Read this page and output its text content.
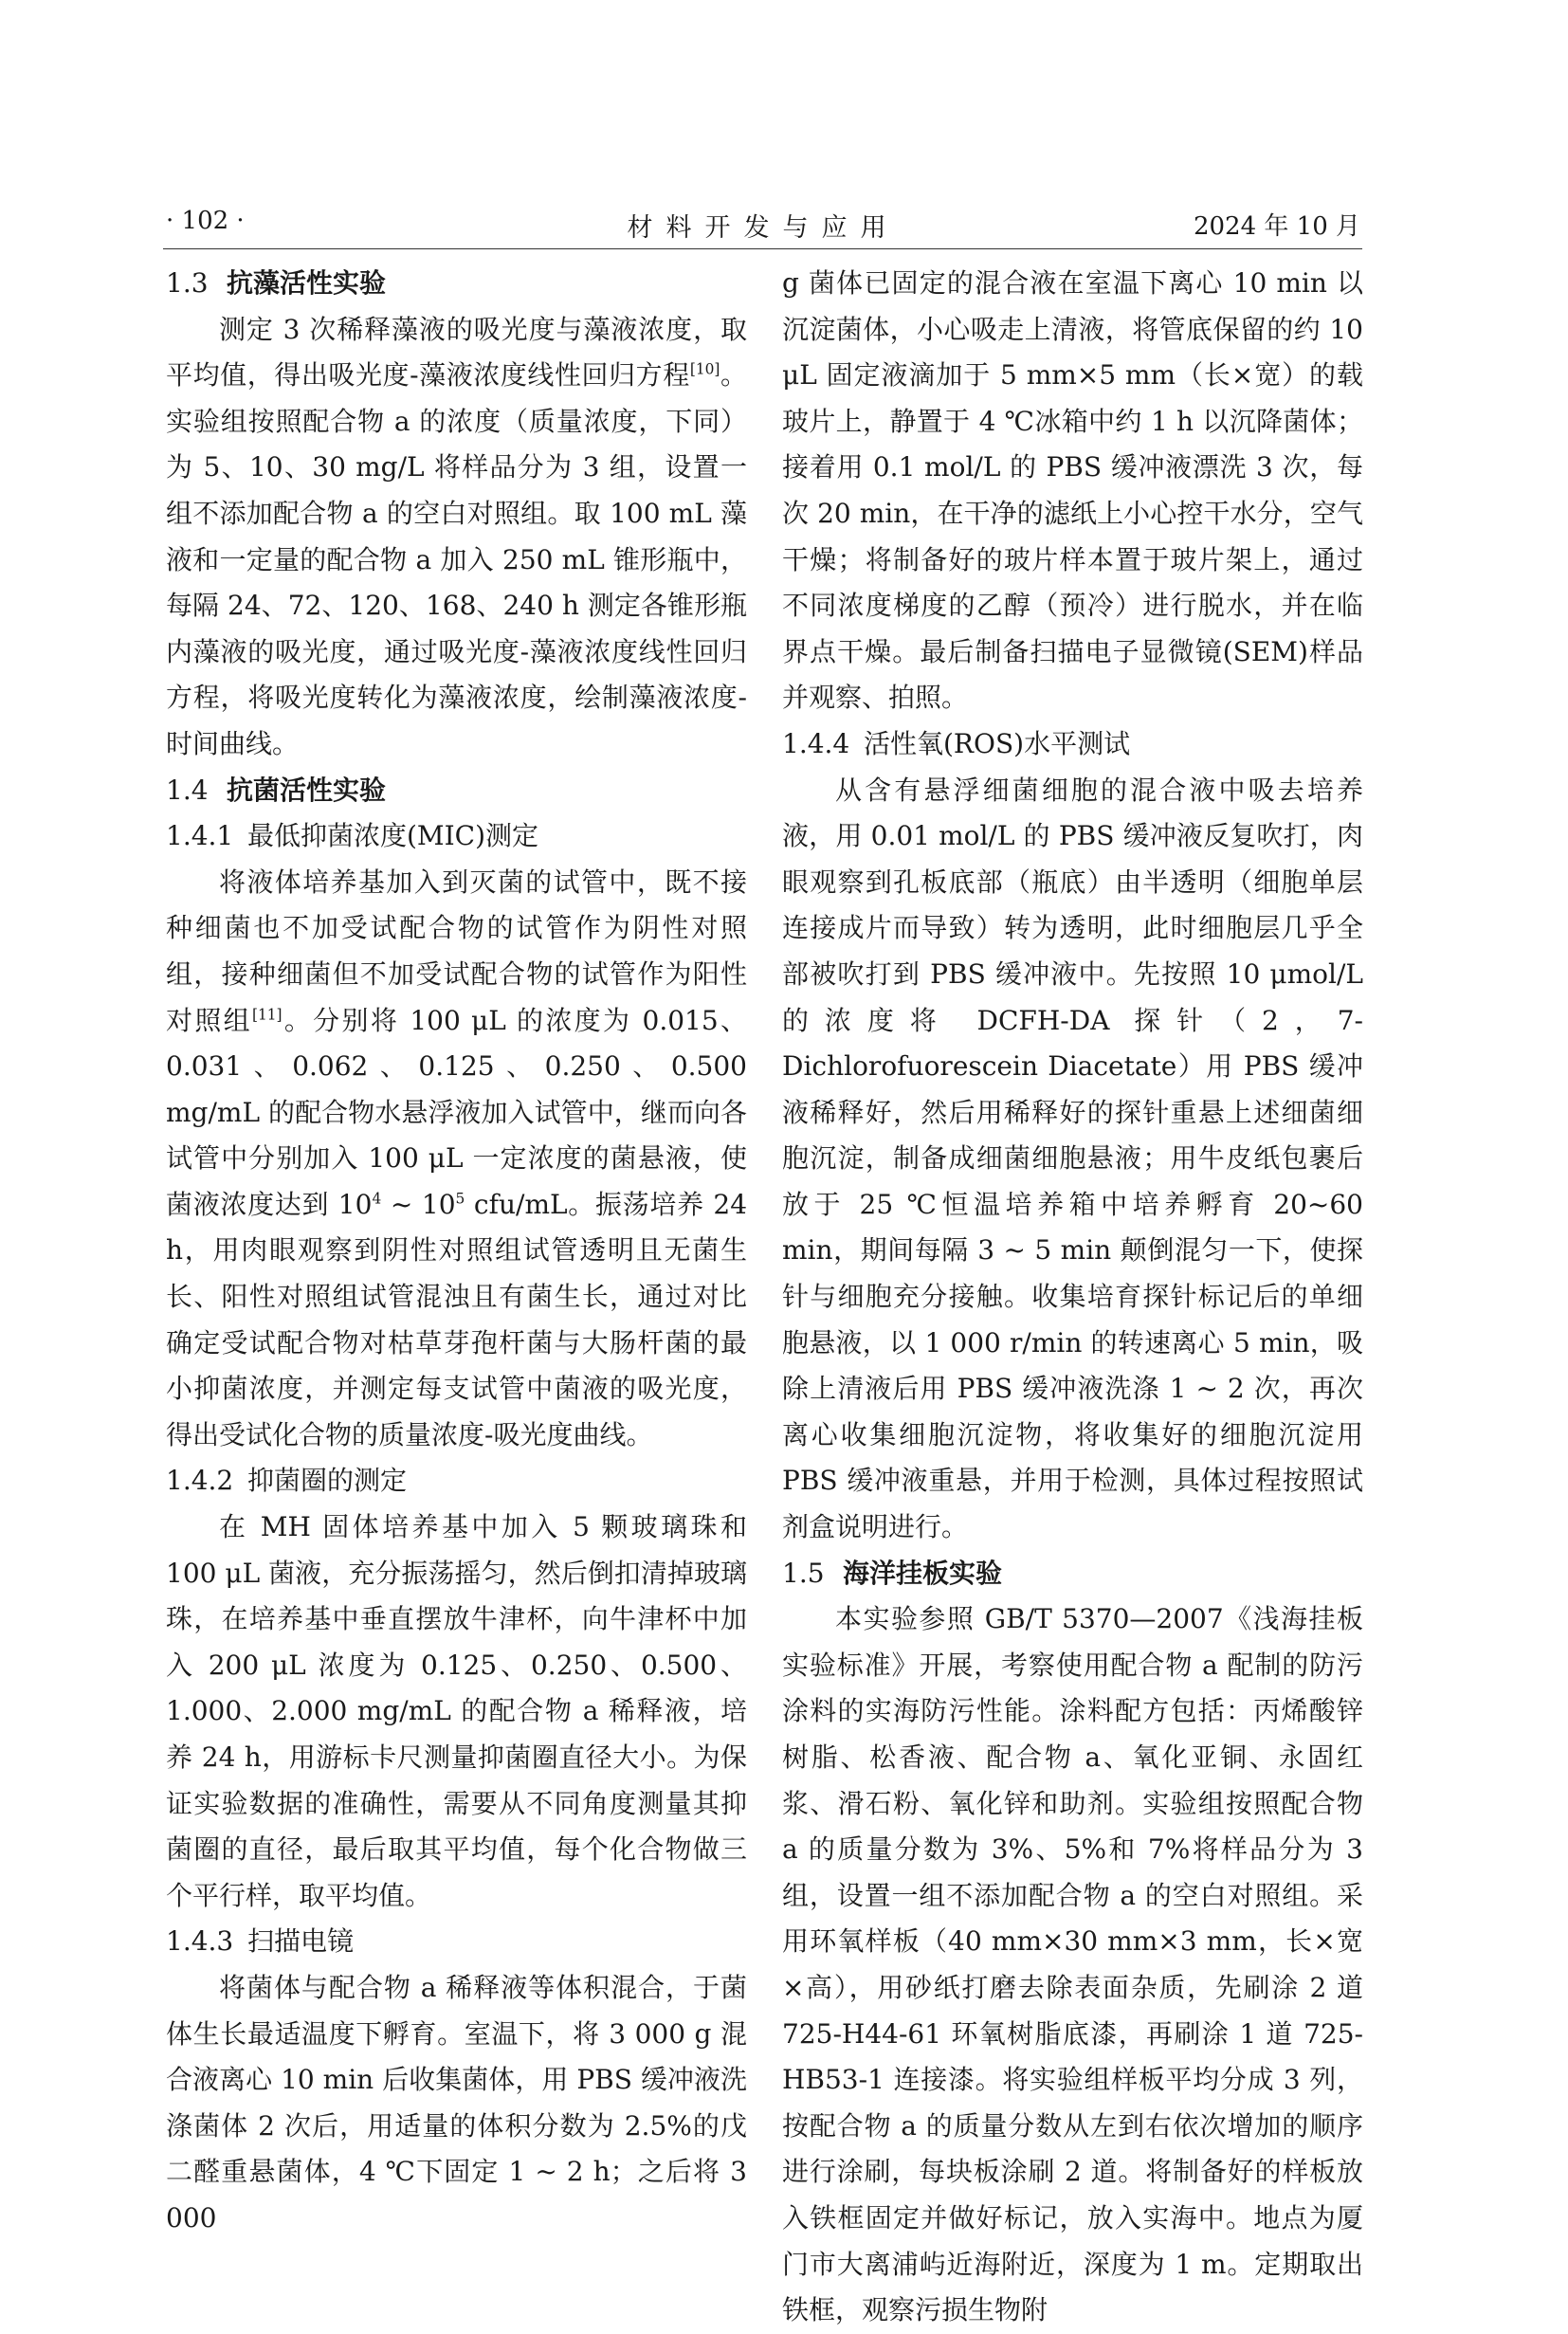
· 102 ·	材料开发与应用	2024 年 10 月
1.3 抗藻活性实验

测定 3 次稀释藻液的吸光度与藻液浓度，取平均值，得出吸光度-藻液浓度线性回归方程[10]。实验组按照配合物 a 的浓度（质量浓度，下同）为 5、10、30 mg/L 将样品分为 3 组，设置一组不添加配合物 a 的空白对照组。取 100 mL 藻液和一定量的配合物 a 加入 250 mL 锥形瓶中，每隔 24、72、120、168、240 h 测定各锥形瓶内藻液的吸光度，通过吸光度-藻液浓度线性回归方程，将吸光度转化为藻液浓度，绘制藻液浓度-时间曲线。

1.4 抗菌活性实验
1.4.1 最低抑菌浓度(MIC)测定

将液体培养基加入到灭菌的试管中，既不接种细菌也不加受试配合物的试管作为阴性对照组，接种细菌但不加受试配合物的试管作为阳性对照组[11]。分别将 100 μL 的浓度为 0.015、0.031、0.062、0.125、0.250、0.500 mg/mL 的配合物水悬浮液加入试管中，继而向各试管中分别加入 100 μL 一定浓度的菌悬液，使菌液浓度达到 $10^4$ ~ $10^5$ cfu/mL。振荡培养 24 h，用肉眼观察到阴性对照组试管透明且无菌生长、阳性对照组试管混浊且有菌生长，通过对比确定受试配合物对枯草芽孢杆菌与大肠杆菌的最小抑菌浓度，并测定每支试管中菌液的吸光度，得出受试化合物的质量浓度-吸光度曲线。

1.4.2 抑菌圈的测定

在 MH 固体培养基中加入 5 颗玻璃珠和 100 μL 菌液，充分振荡摇匀，然后倒扣清掉玻璃珠，在培养基中垂直摆放牛津杯，向牛津杯中加入 200 μL 浓度为 0.125、0.250、0.500、1.000、2.000 mg/mL 的配合物 a 稀释液，培养 24 h，用游标卡尺测量抑菌圈直径大小。为保证实验数据的准确性，需要从不同角度测量其抑菌圈的直径，最后取其平均值，每个化合物做三个平行样，取平均值。

1.4.3 扫描电镜

将菌体与配合物 a 稀释液等体积混合，于菌体生长最适温度下孵育。室温下，将 3 000 g 混合液离心 10 min 后收集菌体，用 PBS 缓冲液洗涤菌体 2 次后，用适量的体积分数为 2.5%的戊二醛重悬菌体，4 ℃下固定 1 ~ 2 h；之后将 3 000

g 菌体已固定的混合液在室温下离心 10 min 以沉淀菌体，小心吸走上清液，将管底保留的约 10 μL 固定液滴加于 5 mm×5 mm（长×宽）的载玻片上，静置于 4 ℃冰箱中约 1 h 以沉降菌体；接着用 0.1 mol/L 的 PBS 缓冲液漂洗 3 次，每次 20 min，在干净的滤纸上小心控干水分，空气干燥；将制备好的玻片样本置于玻片架上，通过不同浓度梯度的乙醇（预冷）进行脱水，并在临界点干燥。最后制备扫描电子显微镜(SEM)样品并观察、拍照。

1.4.4 活性氧(ROS)水平测试

从含有悬浮细菌细胞的混合液中吸去培养液，用 0.01 mol/L 的 PBS 缓冲液反复吹打，肉眼观察到孔板底部（瓶底）由半透明（细胞单层连接成片而导致）转为透明，此时细胞层几乎全部被吹打到 PBS 缓冲液中。先按照 10 μmol/L 的浓度将 DCFH-DA 探针（2，7-Dichlorofuorescein Diacetate）用 PBS 缓冲液稀释好，然后用稀释好的探针重悬上述细菌细胞沉淀，制备成细菌细胞悬液；用牛皮纸包裹后放于 25 ℃恒温培养箱中培养孵育 20~60 min，期间每隔 3 ~ 5 min 颠倒混匀一下，使探针与细胞充分接触。收集培育探针标记后的单细胞悬液，以 1 000 r/min 的转速离心 5 min，吸除上清液后用 PBS 缓冲液洗涤 1 ~ 2 次，再次离心收集细胞沉淀物，将收集好的细胞沉淀用 PBS 缓冲液重悬，并用于检测，具体过程按照试剂盒说明进行。

1.5 海洋挂板实验

本实验参照 GB/T 5370—2007《浅海挂板实验标准》开展，考察使用配合物 a 配制的防污涂料的实海防污性能。涂料配方包括：丙烯酸锌树脂、松香液、配合物 a、氧化亚铜、永固红浆、滑石粉、氧化锌和助剂。实验组按照配合物 a 的质量分数为 3%、5%和 7%将样品分为 3 组，设置一组不添加配合物 a 的空白对照组。采用环氧样板（40 mm×30 mm×3 mm，长×宽×高），用砂纸打磨去除表面杂质，先刷涂 2 道 725-H44-61 环氧树脂底漆，再刷涂 1 道 725-HB53-1 连接漆。将实验组样板平均分成 3 列，按配合物 a 的质量分数从左到右依次增加的顺序进行涂刷，每块板涂刷 2 道。将制备好的样板放入铁框固定并做好标记，放入实海中。地点为厦门市大离浦屿近海附近，深度为 1 m。定期取出铁框，观察污损生物附
